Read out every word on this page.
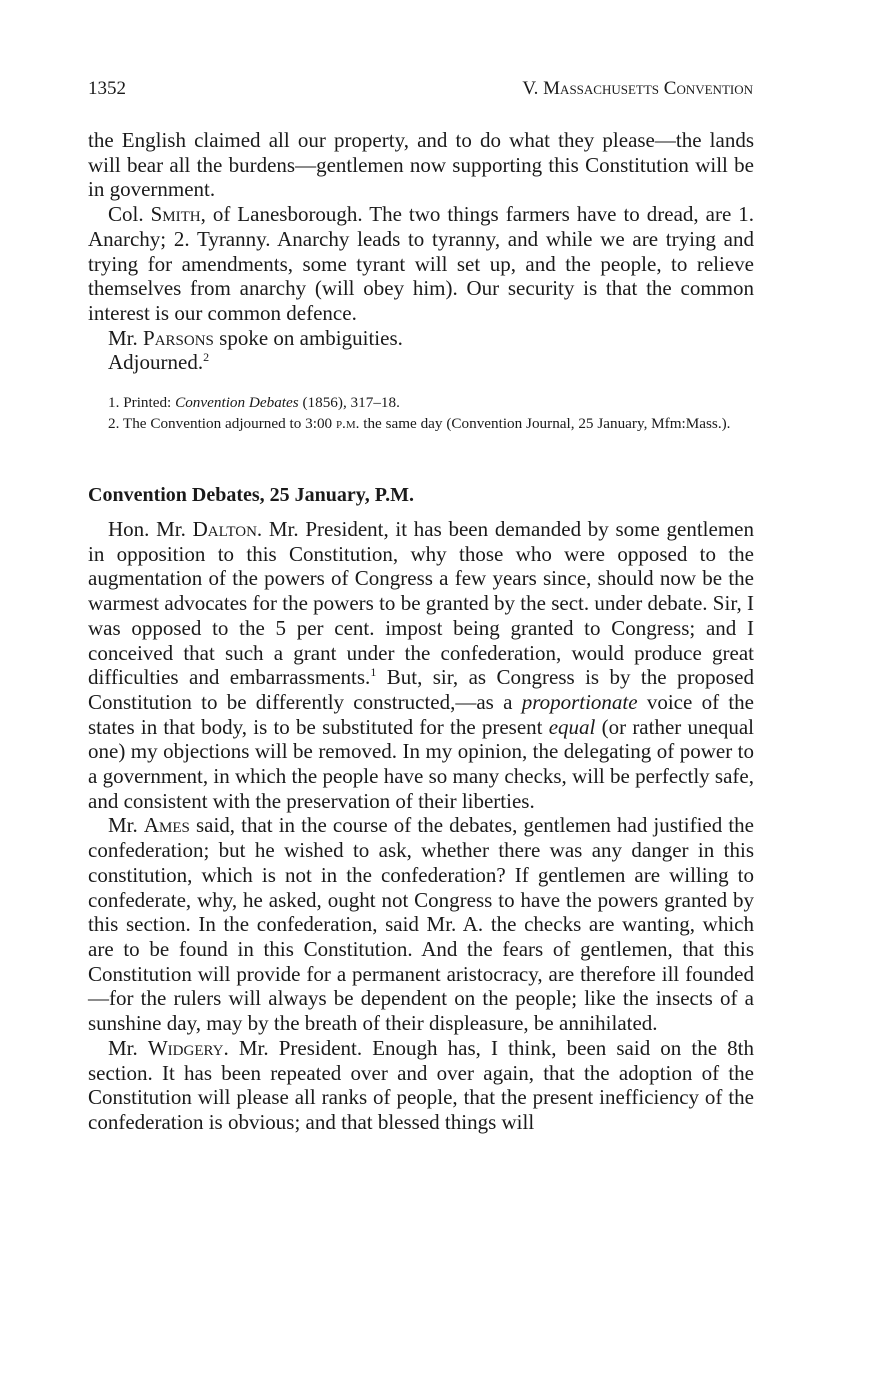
1352	V. Massachusetts Convention

the English claimed all our property, and to do what they please—the lands will bear all the burdens—gentlemen now supporting this Constitution will be in government.

Col. Smith, of Lanesborough. The two things farmers have to dread, are 1. Anarchy; 2. Tyranny. Anarchy leads to tyranny, and while we are trying and trying for amendments, some tyrant will set up, and the people, to relieve themselves from anarchy (will obey him). Our security is that the common interest is our common defence.

Mr. Parsons spoke on ambiguities.

Adjourned.$^2$

1. Printed: Convention Debates (1856), 317–18.

2. The Convention adjourned to 3:00 p.m. the same day (Convention Journal, 25 January, Mfm:Mass.).

Convention Debates, 25 January, P.M.

Hon. Mr. Dalton. Mr. President, it has been demanded by some gentlemen in opposition to this Constitution, why those who were opposed to the augmentation of the powers of Congress a few years since, should now be the warmest advocates for the powers to be granted by the sect. under debate. Sir, I was opposed to the 5 per cent. impost being granted to Congress; and I conceived that such a grant under the confederation, would produce great difficulties and embarrassments.$^1$ But, sir, as Congress is by the proposed Constitution to be differently constructed,—as a proportionate voice of the states in that body, is to be substituted for the present equal (or rather unequal one) my objections will be removed. In my opinion, the delegating of power to a government, in which the people have so many checks, will be perfectly safe, and consistent with the preservation of their liberties.

Mr. Ames said, that in the course of the debates, gentlemen had justified the confederation; but he wished to ask, whether there was any danger in this constitution, which is not in the confederation? If gentlemen are willing to confederate, why, he asked, ought not Congress to have the powers granted by this section. In the confederation, said Mr. A. the checks are wanting, which are to be found in this Constitution. And the fears of gentlemen, that this Constitution will provide for a permanent aristocracy, are therefore ill founded—for the rulers will always be dependent on the people; like the insects of a sunshine day, may by the breath of their displeasure, be annihilated.

Mr. Widgery. Mr. President. Enough has, I think, been said on the 8th section. It has been repeated over and over again, that the adoption of the Constitution will please all ranks of people, that the present inefficiency of the confederation is obvious; and that blessed things will
